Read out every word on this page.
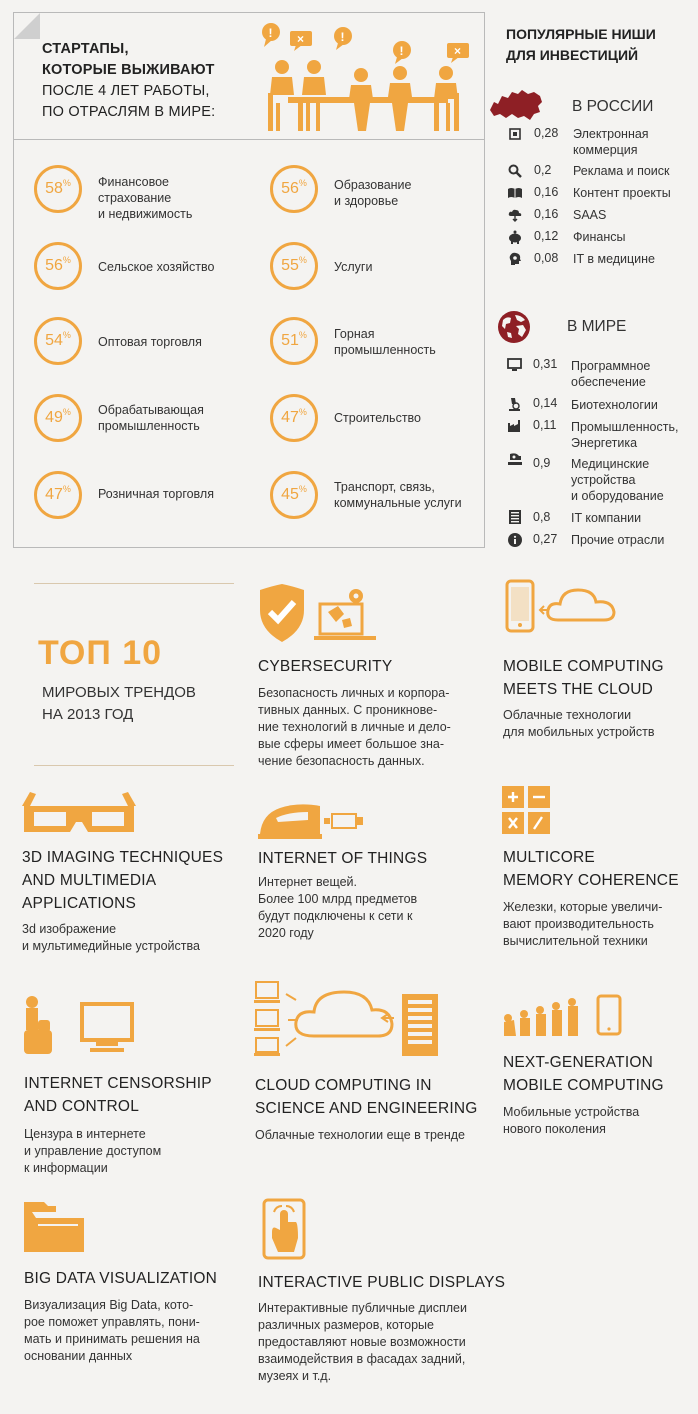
СТАРТАПЫ,
КОТОРЫЕ ВЫЖИВАЮТ
ПОСЛЕ 4 ЛЕТ РАБОТЫ,
ПО ОТРАСЛЯМ В МИРЕ:
! ×	!
!	×
58% Финансовое
страхование
и недвижимость
56% Образование
и здоровье
56% Сельское хозяйство	55% Услуги
54% Оптовая торговля	51% Горная
промышленность
49% Обрабатывающая
промышленность	47% Строительство
47% Розничная торговля	45% Транспорт, связь,
коммунальные услуги
ПОПУЛЯРНЫЕ НИШИ
ДЛЯ ИНВЕСТИЦИЙ
В РОССИИ
0,28 Электронная
коммерция
0,2 Реклама и поиск
0,16 Контент проекты
0,16 SAAS
0,12 Финансы
0,08 IT в медицине
В МИРЕ
0,31 Программное
обеспечение
0,14 Биотехнологии
0,11 Промышленность,
Энергетика
0,9 Медицинские
устройства
и оборудование
0,8 IT компании
0,27 Прочие отрасли
ТОП 10
МИРОВЫХ ТРЕНДОВ
НА 2013 ГОД
CYBERSECURITY
Безопасность личных и корпора-
тивных данных. С проникнове-
ние технологий в личные и дело-
вые сферы имеет большое зна-
чение безопасность данных.
MOBILE COMPUTING
MEETS THE CLOUD
Облачные технологии
для мобильных устройств
3D IMAGING TECHNIQUES
AND MULTIMEDIA
APPLICATIONS
3d изображение
и мультимедийные устройства
INTERNET OF THINGS
Интернет вещей.
Более 100 млрд предметов
будут подключены к сети к
2020 году
MULTICORE
MEMORY COHERENCE
Железки, которые увеличи-
вают производительность
вычислительной техники
INTERNET CENSORSHIP
AND CONTROL
Цензура в интернете
и управление доступом
к информации
CLOUD COMPUTING IN
SCIENCE AND ENGINEERING
Облачные технологии еще в тренде
NEXT-GENERATION
MOBILE COMPUTING
Мобильные устройства
нового поколения
BIG DATA VISUALIZATION
Визуализация Big Data, кото-
рое поможет управлять, пони-
мать и принимать решения на
основании данных
INTERACTIVE PUBLIC DISPLAYS
Интерактивные публичные дисплеи
различных размеров, которые
предоставляют новые возможности
взаимодействия в фасадах задний,
музеях и т.д.
